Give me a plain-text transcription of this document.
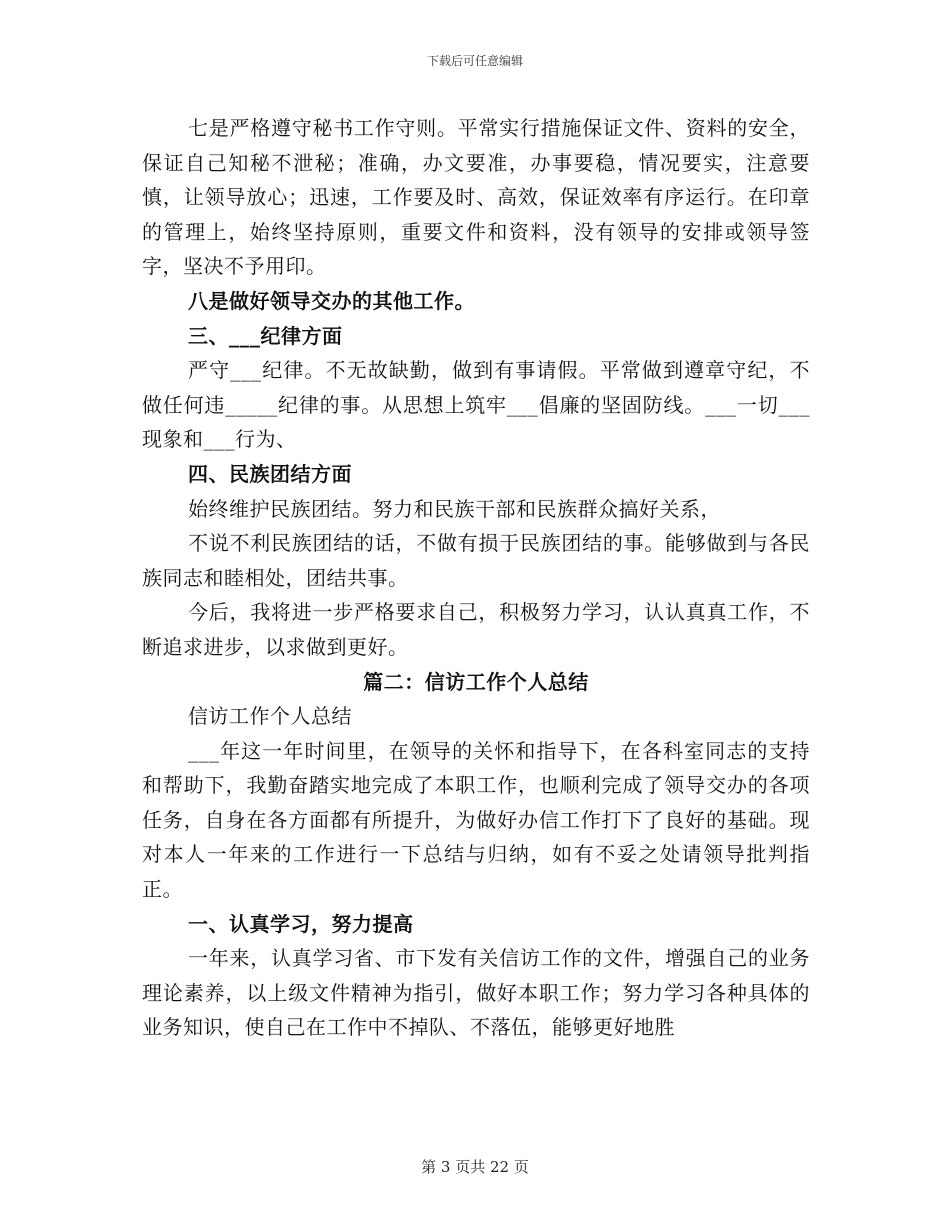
下载后可任意编辑

七是严格遵守秘书工作守则。平常实行措施保证文件、资料的安全，保证自己知秘不泄秘；准确，办文要准，办事要稳，情况要实，注意要慎，让领导放心；迅速，工作要及时、高效，保证效率有序运行。在印章的管理上，始终坚持原则，重要文件和资料，没有领导的安排或领导签字，坚决不予用印。

八是做好领导交办的其他工作。

三、___纪律方面

严守___纪律。不无故缺勤，做到有事请假。平常做到遵章守纪，不做任何违_____纪律的事。从思想上筑牢___倡廉的坚固防线。___一切___现象和___行为、

四、民族团结方面

始终维护民族团结。努力和民族干部和民族群众搞好关系，

不说不利民族团结的话，不做有损于民族团结的事。能够做到与各民族同志和睦相处，团结共事。

今后，我将进一步严格要求自己，积极努力学习，认认真真工作，不断追求进步，以求做到更好。

篇二：信访工作个人总结

信访工作个人总结

___年这一年时间里，在领导的关怀和指导下，在各科室同志的支持和帮助下，我勤奋踏实地完成了本职工作，也顺利完成了领导交办的各项任务，自身在各方面都有所提升，为做好办信工作打下了良好的基础。现对本人一年来的工作进行一下总结与归纳，如有不妥之处请领导批判指正。

一、认真学习，努力提高

一年来，认真学习省、市下发有关信访工作的文件，增强自己的业务理论素养，以上级文件精神为指引，做好本职工作；努力学习各种具体的业务知识，使自己在工作中不掉队、不落伍，能够更好地胜

第 3 页共 22 页
